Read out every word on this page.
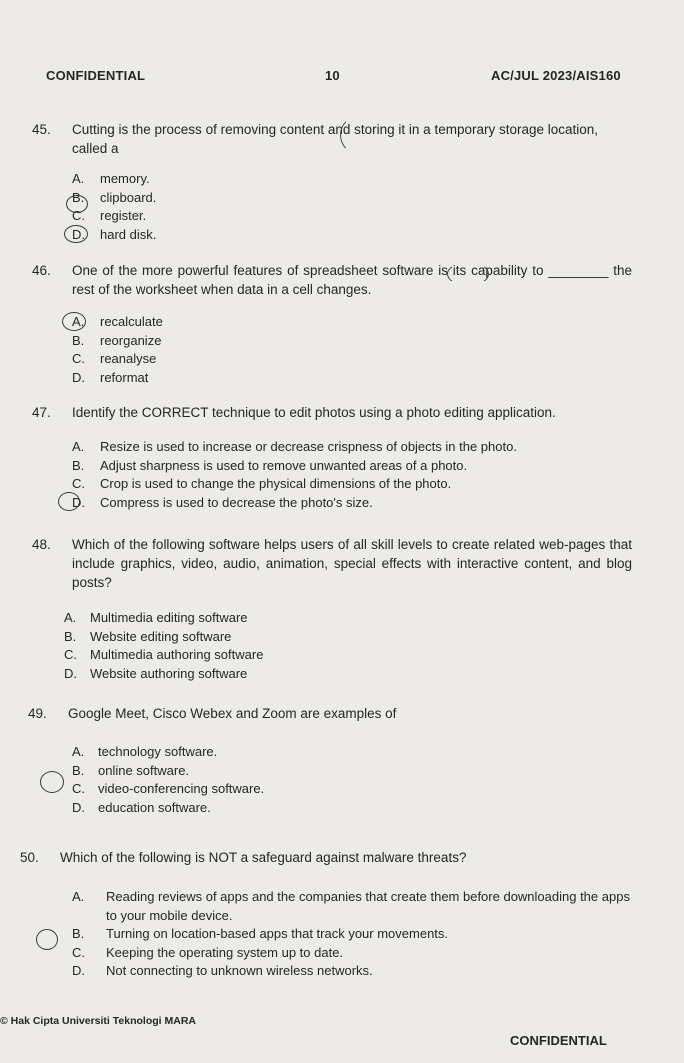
CONFIDENTIAL	10	AC/JUL 2023/AIS160
45.	Cutting is the process of removing content and storing it in a temporary storage location, called a
A.	memory.
B.	clipboard.
C.	register.
D.	hard disk.
46.	One of the more powerful features of spreadsheet software is its capability to ________ the rest of the worksheet when data in a cell changes.
A.	recalculate
B.	reorganize
C.	reanalyse
D.	reformat
47.	Identify the CORRECT technique to edit photos using a photo editing application.
A.	Resize is used to increase or decrease crispness of objects in the photo.
B.	Adjust sharpness is used to remove unwanted areas of a photo.
C.	Crop is used to change the physical dimensions of the photo.
D.	Compress is used to decrease the photo's size.
48.	Which of the following software helps users of all skill levels to create related web-pages that include graphics, video, audio, animation, special effects with interactive content, and blog posts?
A.	Multimedia editing software
B.	Website editing software
C.	Multimedia authoring software
D.	Website authoring software
49.	Google Meet, Cisco Webex and Zoom are examples of
A.	technology software.
B.	online software.
C.	video-conferencing software.
D.	education software.
50.	Which of the following is NOT a safeguard against malware threats?
A.	Reading reviews of apps and the companies that create them before downloading the apps to your mobile device.
B.	Turning on location-based apps that track your movements.
C.	Keeping the operating system up to date.
D.	Not connecting to unknown wireless networks.
© Hak Cipta Universiti Teknologi MARA
CONFIDENTIAL
